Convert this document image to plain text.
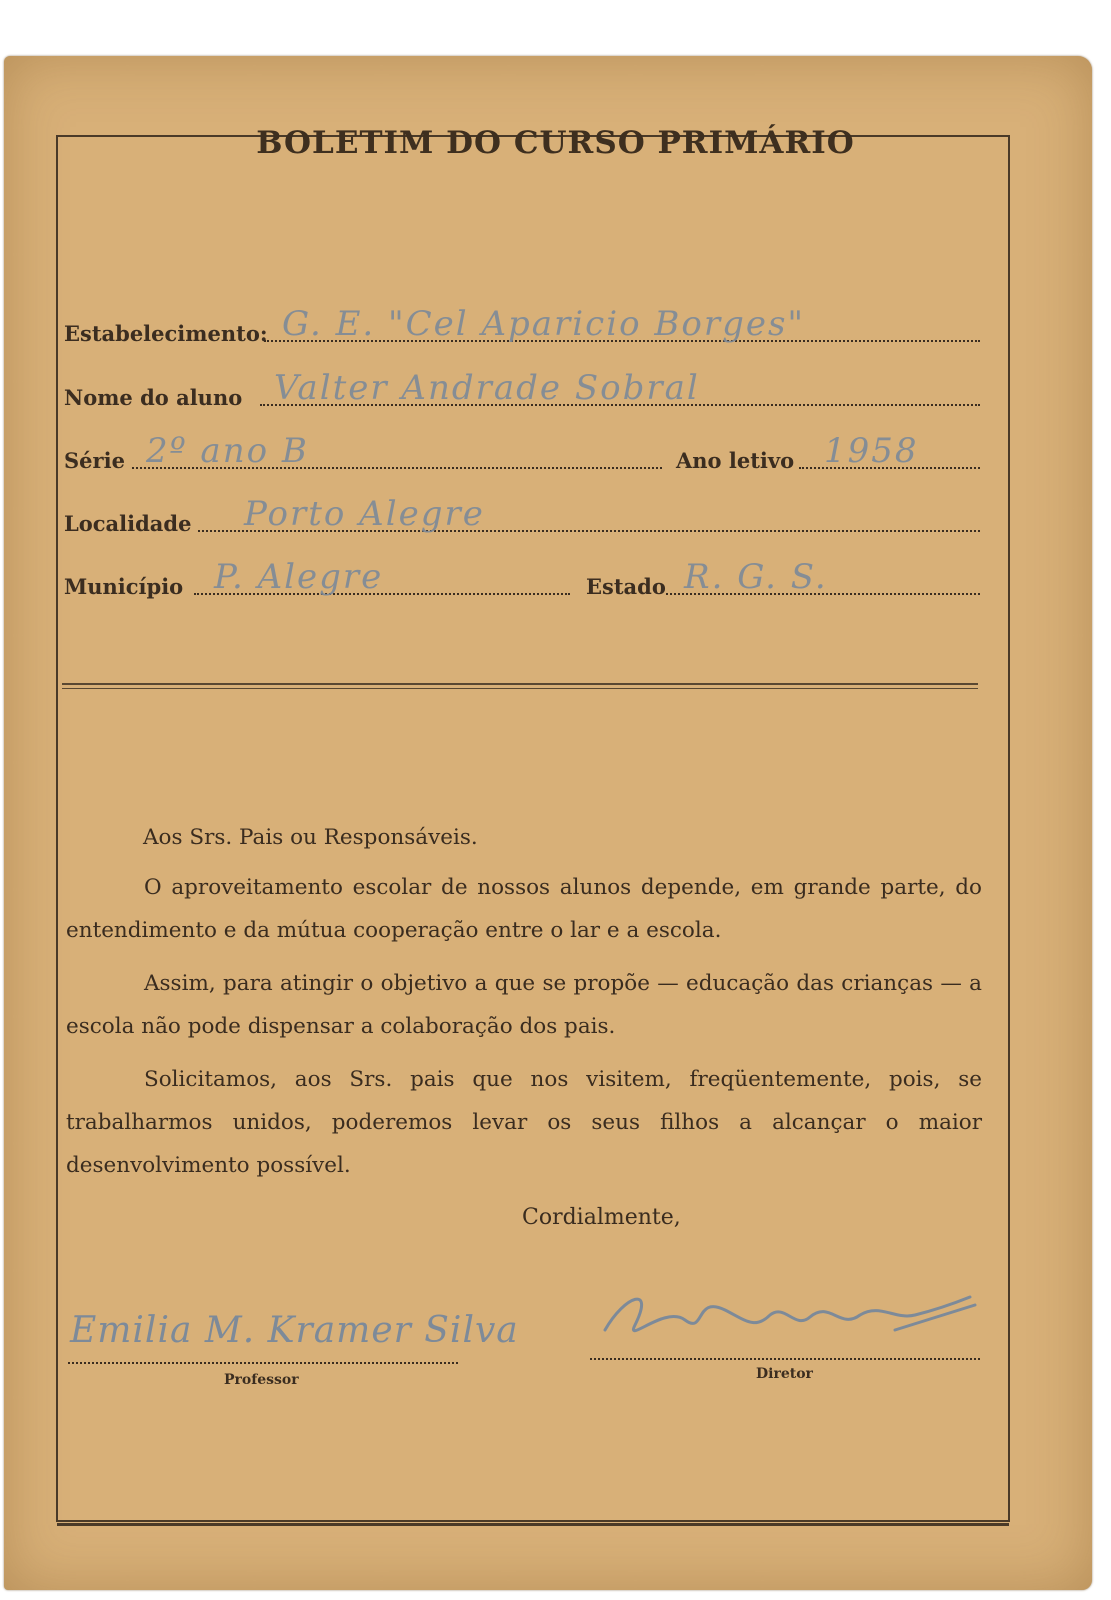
BOLETIM DO CURSO PRIMÁRIO
Estabelecimento: G. E. "Cel Aparicio Borges"
Nome do aluno Valter Andrade Sobral
Série 2º ano B	Ano letivo 1958
Localidade Porto Alegre
Município P. Alegre	Estado R. G. S.
Aos Srs. Pais ou Responsáveis.

O aproveitamento escolar de nossos alunos depende, em grande parte, do entendimento e da mútua cooperação entre o lar e a escola.

Assim, para atingir o objetivo a que se propõe — educação das crianças — a escola não pode dispensar a colaboração dos pais.

Solicitamos, aos Srs. pais que nos visitem, freqüentemente, pois, se trabalharmos unidos, poderemos levar os seus filhos a alcançar o maior desenvolvimento possível.

Cordialmente,
Emilia M. Kramer Silva
Professor	Diretor
